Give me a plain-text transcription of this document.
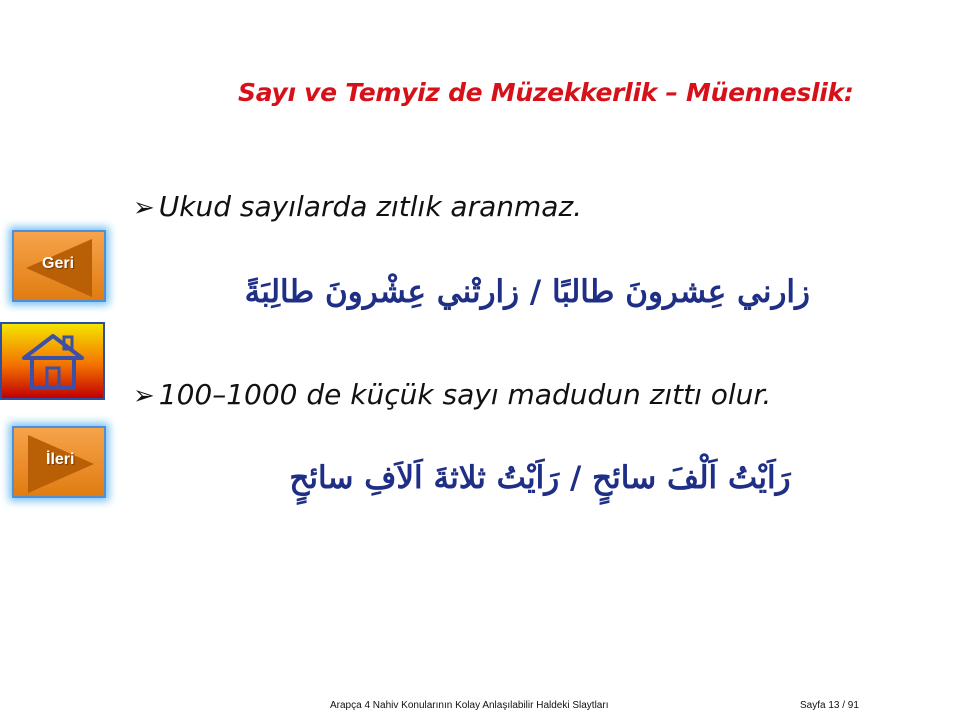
Sayı ve Temyiz de Müzekkerlik – Müenneslik:
➢ Ukud sayılarda zıtlık aranmaz.
زارني عِشرونَ طالبًا / زارتْني عِشْرونَ طالِبَةً
➢ 100–1000 de küçük sayı madudun zıttı olur.
رَاَيْتُ اَلْفَ سائحٍ / رَاَيْتُ ثلاثةَ اَلاَفِ سائحٍ
Geri
İleri
Arapça 4 Nahiv Konularının Kolay Anlaşılabilir Haldeki Slaytları	Sayfa 13 / 91
